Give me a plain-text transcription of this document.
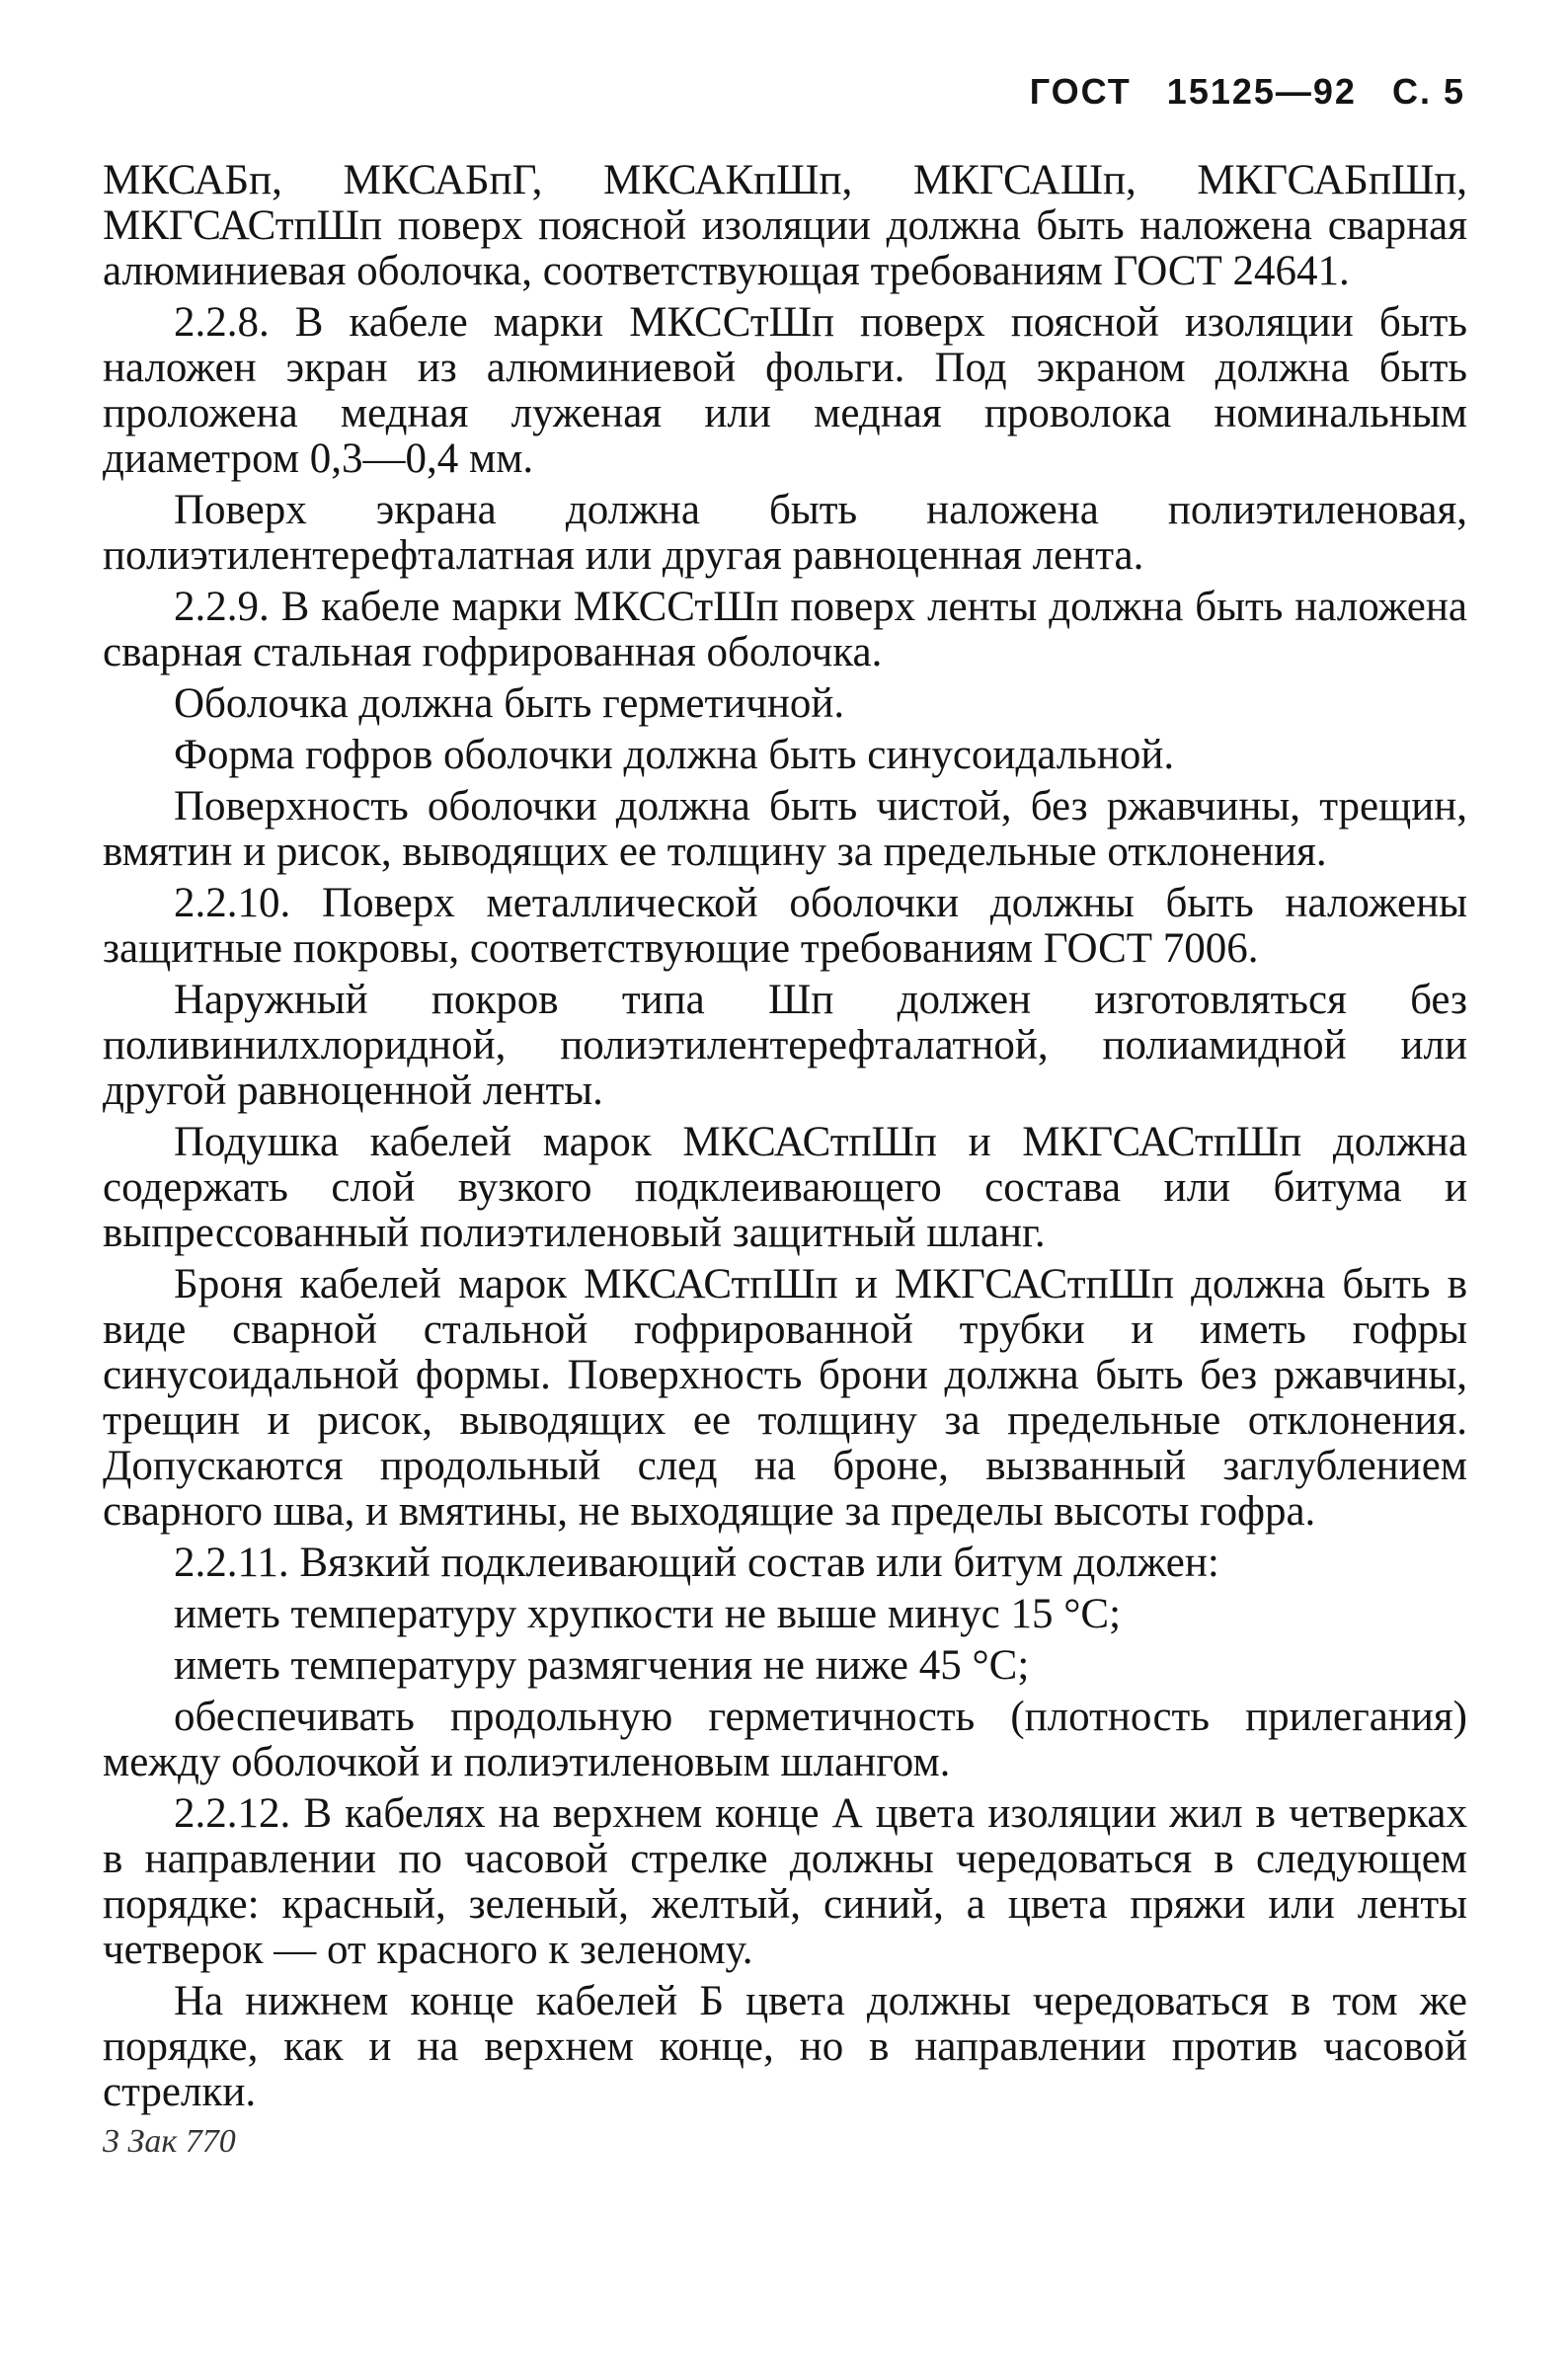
ГОСТ 15125—92 С. 5

МКСАБп, МКСАБпГ, МКСАКпШп, МКГСАШп, МКГСАБпШп, МКГСАСтпШп поверх поясной изоляции должна быть наложена сварная алюминиевая оболочка, соответствующая требованиям ГОСТ 24641.

2.2.8. В кабеле марки МКССтШп поверх поясной изоляции быть наложен экран из алюминиевой фольги. Под экраном должна быть проложена медная луженая или медная проволока номинальным диаметром 0,3—0,4 мм.

Поверх экрана должна быть наложена полиэтиленовая, полиэтилентерефталатная или другая равноценная лента.

2.2.9. В кабеле марки МКССтШп поверх ленты должна быть наложена сварная стальная гофрированная оболочка.

Оболочка должна быть герметичной.

Форма гофров оболочки должна быть синусоидальной.

Поверхность оболочки должна быть чистой, без ржавчины, трещин, вмятин и рисок, выводящих ее толщину за предельные отклонения.

2.2.10. Поверх металлической оболочки должны быть наложены защитные покровы, соответствующие требованиям ГОСТ 7006.

Наружный покров типа Шп должен изготовляться без поливинилхлоридной, полиэтилентерефталатной, полиамидной или другой равноценной ленты.

Подушка кабелей марок МКСАСтпШп и МКГСАСтпШп должна содержать слой вузкого подклеивающего состава или битума и выпрессованный полиэтиленовый защитный шланг.

Броня кабелей марок МКСАСтпШп и МКГСАСтпШп должна быть в виде сварной стальной гофрированной трубки и иметь гофры синусоидальной формы. Поверхность брони должна быть без ржавчины, трещин и рисок, выводящих ее толщину за предельные отклонения. Допускаются продольный след на броне, вызванный заглублением сварного шва, и вмятины, не выходящие за пределы высоты гофра.

2.2.11. Вязкий подклеивающий состав или битум должен:

иметь температуру хрупкости не выше минус 15 °С;

иметь температуру размягчения не ниже 45 °С;

обеспечивать продольную герметичность (плотность прилегания) между оболочкой и полиэтиленовым шлангом.

2.2.12. В кабелях на верхнем конце А цвета изоляции жил в четверках в направлении по часовой стрелке должны чередоваться в следующем порядке: красный, зеленый, желтый, синий, а цвета пряжи или ленты четверок — от красного к зеленому.

На нижнем конце кабелей Б цвета должны чередоваться в том же порядке, как и на верхнем конце, но в направлении против часовой стрелки.

3 Зак 770
